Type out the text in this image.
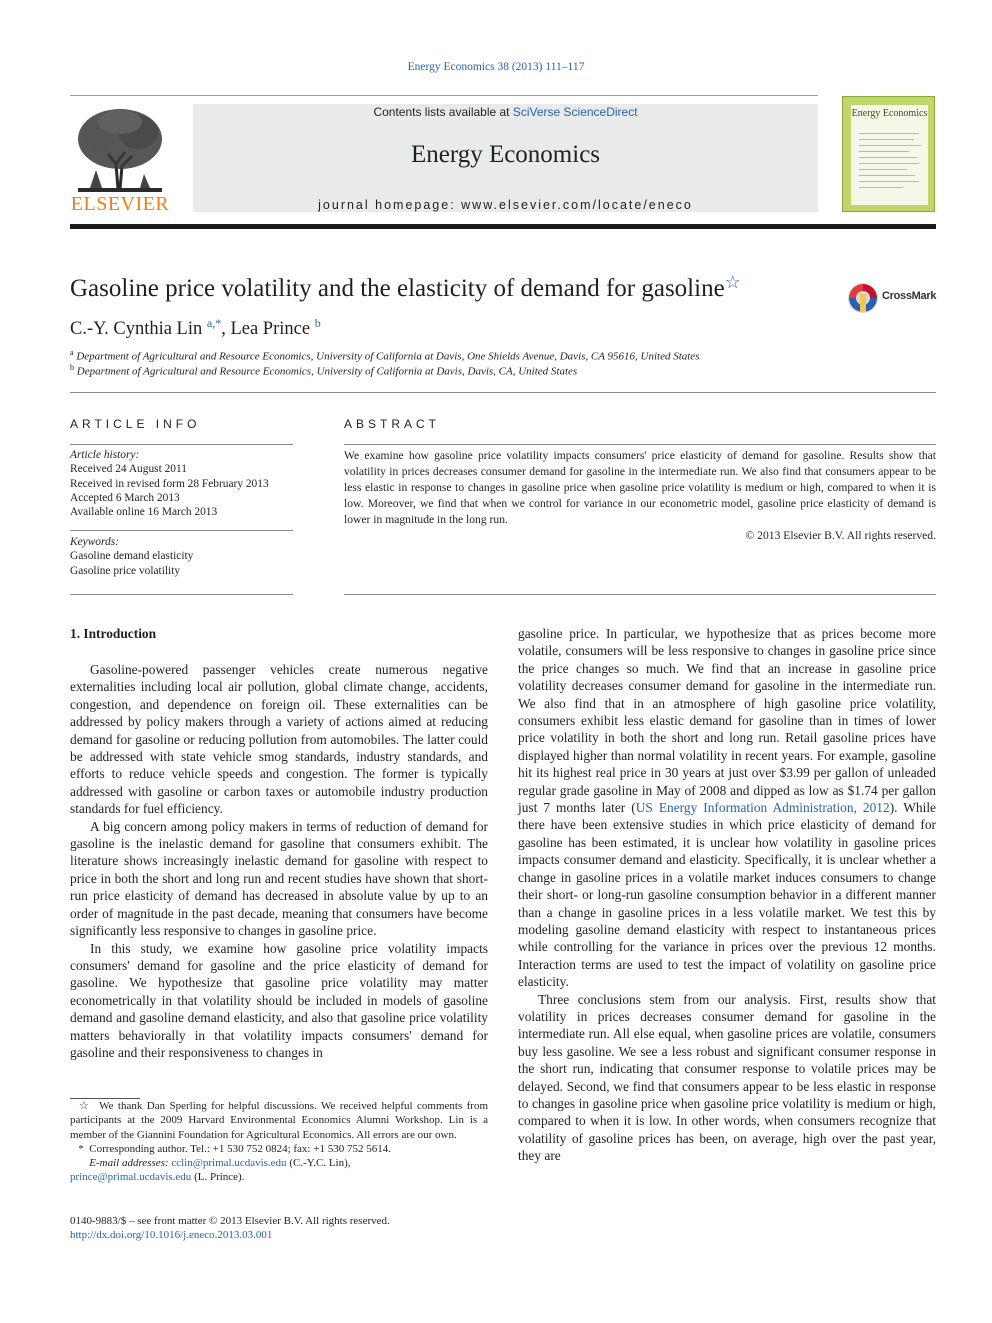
Energy Economics 38 (2013) 111–117
ELSEVIER
Contents lists available at SciVerse ScienceDirect
Energy Economics
journal homepage: www.elsevier.com/locate/eneco
Energy Economics
Gasoline price volatility and the elasticity of demand for gasoline☆
CrossMark
C.-Y. Cynthia Lin $^{a,*}$, Lea Prince $^b$
$^a$ Department of Agricultural and Resource Economics, University of California at Davis, One Shields Avenue, Davis, CA 95616, United States
$^b$ Department of Agricultural and Resource Economics, University of California at Davis, Davis, CA, United States
ARTICLE INFO
Article history:
Received 24 August 2011
Received in revised form 28 February 2013
Accepted 6 March 2013
Available online 16 March 2013
Keywords:
Gasoline demand elasticity
Gasoline price volatility
ABSTRACT
We examine how gasoline price volatility impacts consumers' price elasticity of demand for gasoline. Results show that volatility in prices decreases consumer demand for gasoline in the intermediate run. We also find that consumers appear to be less elastic in response to changes in gasoline price when gasoline price volatility is medium or high, compared to when it is low. Moreover, we find that when we control for variance in our econometric model, gasoline price elasticity of demand is lower in magnitude in the long run.
© 2013 Elsevier B.V. All rights reserved.
1. Introduction

Gasoline-powered passenger vehicles create numerous negative externalities including local air pollution, global climate change, accidents, congestion, and dependence on foreign oil. These externalities can be addressed by policy makers through a variety of actions aimed at reducing demand for gasoline or reducing pollution from automobiles. The latter could be addressed with state vehicle smog standards, industry standards, and efforts to reduce vehicle speeds and congestion. The former is typically addressed with gasoline or carbon taxes or automobile industry production standards for fuel efficiency.

A big concern among policy makers in terms of reduction of demand for gasoline is the inelastic demand for gasoline that consumers exhibit. The literature shows increasingly inelastic demand for gasoline with respect to price in both the short and long run and recent studies have shown that short-run price elasticity of demand has decreased in absolute value by up to an order of magnitude in the past decade, meaning that consumers have become significantly less responsive to changes in gasoline price.

In this study, we examine how gasoline price volatility impacts consumers' demand for gasoline and the price elasticity of demand for gasoline. We hypothesize that gasoline price volatility may matter econometrically in that volatility should be included in models of gasoline demand and gasoline demand elasticity, and also that gasoline price volatility matters behaviorally in that volatility impacts consumers' demand for gasoline and their responsiveness to changes in

gasoline price. In particular, we hypothesize that as prices become more volatile, consumers will be less responsive to changes in gasoline price since the price changes so much. We find that an increase in gasoline price volatility decreases consumer demand for gasoline in the intermediate run. We also find that in an atmosphere of high gasoline price volatility, consumers exhibit less elastic demand for gasoline than in times of lower price volatility in both the short and long run. Retail gasoline prices have displayed higher than normal volatility in recent years. For example, gasoline hit its highest real price in 30 years at just over $3.99 per gallon of unleaded regular grade gasoline in May of 2008 and dipped as low as $1.74 per gallon just 7 months later (US Energy Information Administration, 2012). While there have been extensive studies in which price elasticity of demand for gasoline has been estimated, it is unclear how volatility in gasoline prices impacts consumer demand and elasticity. Specifically, it is unclear whether a change in gasoline prices in a volatile market induces consumers to change their short- or long-run gasoline consumption behavior in a different manner than a change in gasoline prices in a less volatile market. We test this by modeling gasoline demand elasticity with respect to instantaneous prices while controlling for the variance in prices over the previous 12 months. Interaction terms are used to test the impact of volatility on gasoline price elasticity.

Three conclusions stem from our analysis. First, results show that volatility in prices decreases consumer demand for gasoline in the intermediate run. All else equal, when gasoline prices are volatile, consumers buy less gasoline. We see a less robust and significant consumer response in the short run, indicating that consumer response to volatile prices may be delayed. Second, we find that consumers appear to be less elastic in response to changes in gasoline price when gasoline price volatility is medium or high, compared to when it is low. In other words, when consumers recognize that volatility of gasoline prices has been, on average, high over the past year, they are

☆ We thank Dan Sperling for helpful discussions. We received helpful comments from participants at the 2009 Harvard Environmental Economics Alumni Workshop. Lin is a member of the Giannini Foundation for Agricultural Economics. All errors are our own.

* Corresponding author. Tel.: +1 530 752 0824; fax: +1 530 752 5614.

E-mail addresses: cclin@primal.ucdavis.edu (C.-Y.C. Lin),
prince@primal.ucdavis.edu (L. Prince).

0140-9883/$ – see front matter © 2013 Elsevier B.V. All rights reserved.
http://dx.doi.org/10.1016/j.eneco.2013.03.001
